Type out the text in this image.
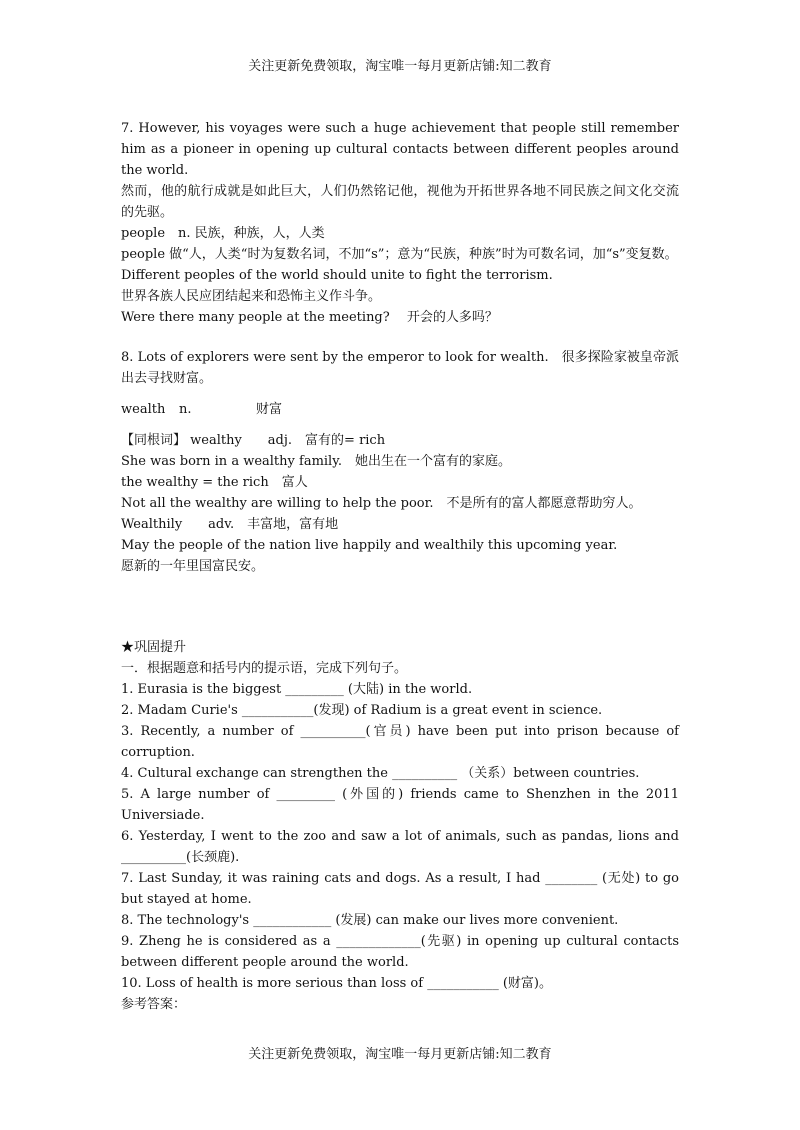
关注更新免费领取，淘宝唯一每月更新店铺:知二教育

7. However, his voyages were such a huge achievement that people still remember him as a pioneer in opening up cultural contacts between different peoples around the world.

然而，他的航行成就是如此巨大，人们仍然铭记他，视他为开拓世界各地不同民族之间文化交流的先驱。

people　n. 民族，种族，人，人类

people 做“人，人类“时为复数名词，不加“s”；意为“民族，种族”时为可数名词，加“s”变复数。

Different peoples of the world should unite to fight the terrorism.

世界各族人民应团结起来和恐怖主义作斗争。

Were there many people at the meeting?　 开会的人多吗？

8. Lots of explorers were sent by the emperor to look for wealth.　很多探险家被皇帝派出去寻找财富。

wealth n.	财富

【同根词】 wealthy　　adj.　富有的= rich

She was born in a wealthy family.　她出生在一个富有的家庭。

the wealthy = the rich　富人

Not all the wealthy are willing to help the poor.　不是所有的富人都愿意帮助穷人。

Wealthily　　adv.　丰富地，富有地

May the people of the nation live happily and wealthily this upcoming year.

愿新的一年里国富民安。

★巩固提升

一．根据题意和括号内的提示语，完成下列句子。

1. Eurasia is the biggest _________ (大陆) in the world.

2. Madam Curie's ___________(发现) of Radium is a great event in science.

3. Recently, a number of __________(官员) have been put into prison because of corruption.

4. Cultural exchange can strengthen the __________ （关系）between countries.

5. A large number of _________ (外国的) friends came to Shenzhen in the 2011 Universiade.

6. Yesterday, I went to the zoo and saw a lot of animals, such as pandas, lions and __________(长颈鹿).

7. Last Sunday, it was raining cats and dogs. As a result, I had ________ (无处) to go but stayed at home.

8. The technology's ____________ (发展) can make our lives more convenient.

9. Zheng he is considered as a _____________(先驱) in opening up cultural contacts between different people around the world.

10. Loss of health is more serious than loss of ___________ (财富)。

参考答案：

关注更新免费领取，淘宝唯一每月更新店铺:知二教育
